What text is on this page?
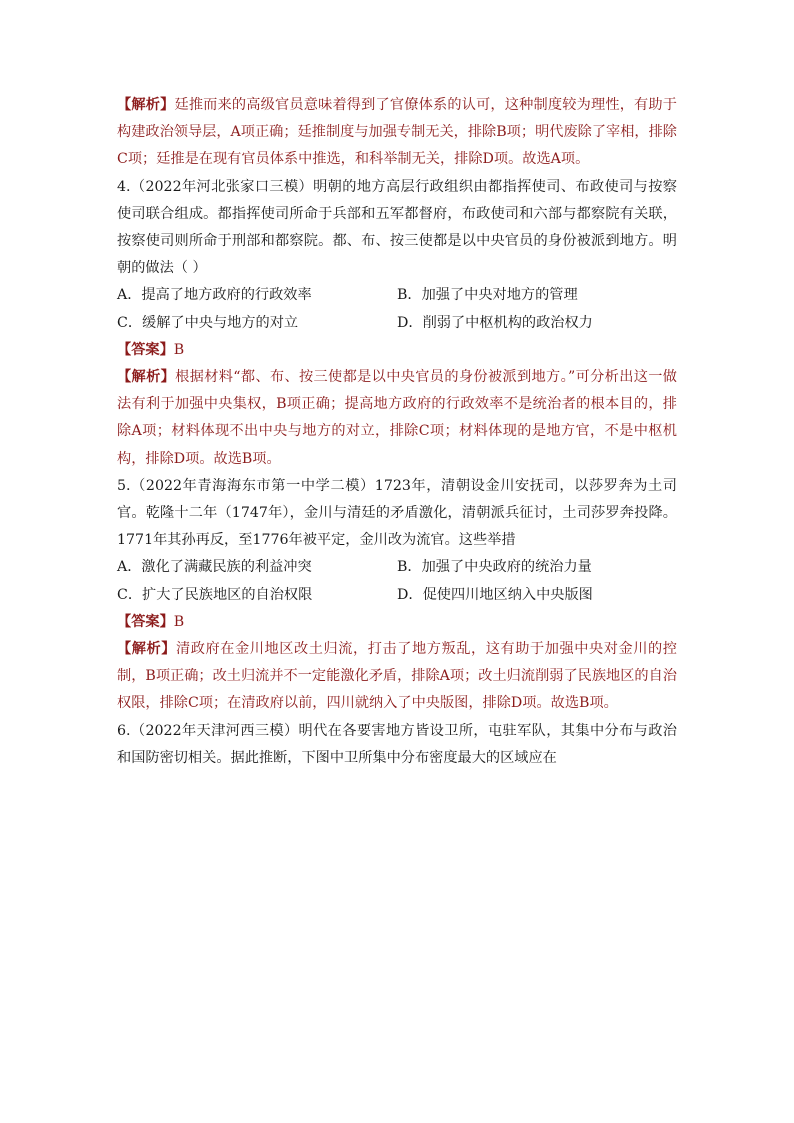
【解析】廷推而来的高级官员意味着得到了官僚体系的认可，这种制度较为理性，有助于构建政治领导层，A项正确；廷推制度与加强专制无关，排除B项；明代废除了宰相，排除C项；廷推是在现有官员体系中推选，和科举制无关，排除D项。故选A项。

4.（2022年河北张家口三模）明朝的地方高层行政组织由都指挥使司、布政使司与按察使司联合组成。都指挥使司所命于兵部和五军都督府，布政使司和六部与都察院有关联，按察使司则所命于刑部和都察院。都、布、按三使都是以中央官员的身份被派到地方。明朝的做法（ ）

A．提高了地方政府的行政效率	B．加强了中央对地方的管理
C．缓解了中央与地方的对立	D．削弱了中枢机构的政治权力

【答案】B

【解析】根据材料“都、布、按三使都是以中央官员的身份被派到地方。”可分析出这一做法有利于加强中央集权，B项正确；提高地方政府的行政效率不是统治者的根本目的，排除A项；材料体现不出中央与地方的对立，排除C项；材料体现的是地方官，不是中枢机构，排除D项。故选B项。

5.（2022年青海海东市第一中学二模）1723年，清朝设金川安抚司，以莎罗奔为土司官。乾隆十二年（1747年），金川与清廷的矛盾激化，清朝派兵征讨，土司莎罗奔投降。1771年其孙再反，至1776年被平定，金川改为流官。这些举措

A．激化了满藏民族的利益冲突	B．加强了中央政府的统治力量
C．扩大了民族地区的自治权限	D．促使四川地区纳入中央版图

【答案】B

【解析】清政府在金川地区改土归流，打击了地方叛乱，这有助于加强中央对金川的控制，B项正确；改土归流并不一定能激化矛盾，排除A项；改土归流削弱了民族地区的自治权限，排除C项；在清政府以前，四川就纳入了中央版图，排除D项。故选B项。

6.（2022年天津河西三模）明代在各要害地方皆设卫所，屯驻军队，其集中分布与政治和国防密切相关。据此推断，下图中卫所集中分布密度最大的区域应在
